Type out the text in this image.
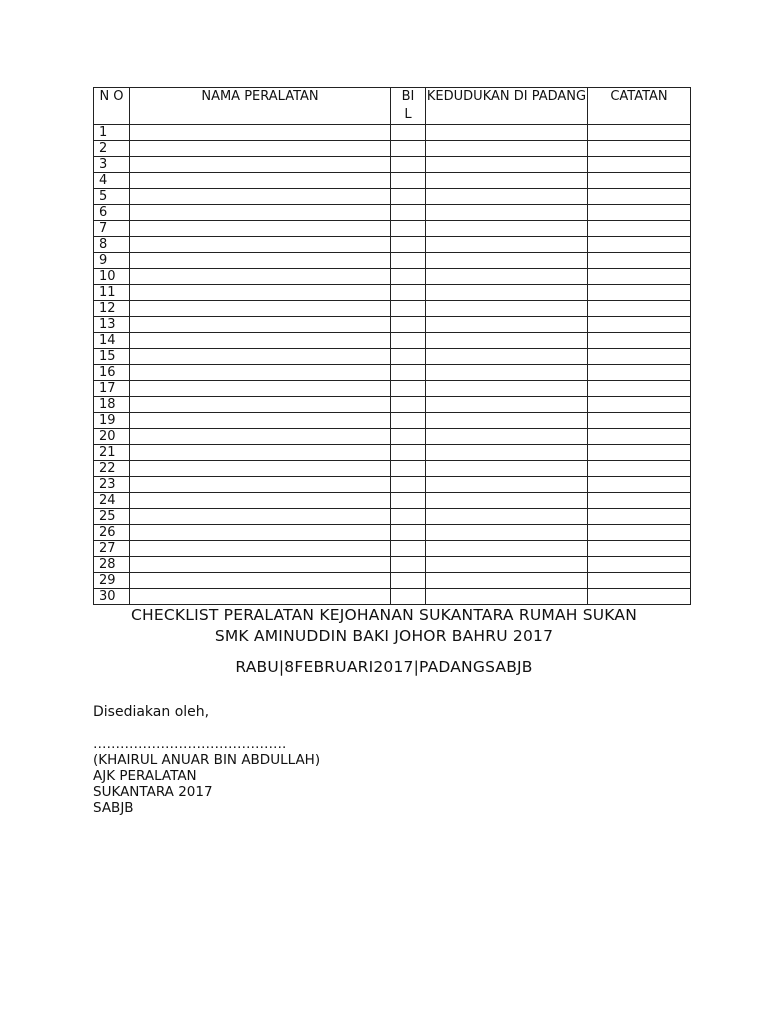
N O	NAMA PERALATAN	BI L	KEDUDUKAN DI PADANG	CATATAN
1				
2				
3				
4				
5				
6				
7				
8				
9				
10				
11				
12				
13				
14				
15				
16				
17				
18				
19				
20				
21				
22				
23				
24				
25				
26				
27				
28				
29				
30				
CHECKLIST PERALATAN KEJOHANAN SUKANTARA RUMAH SUKAN
SMK AMINUDDIN BAKI JOHOR BAHRU 2017
RABU|8FEBRUARI2017|PADANGSABJB
Disediakan oleh,
…………………………………….
(KHAIRUL ANUAR BIN ABDULLAH)
AJK PERALATAN
SUKANTARA 2017
SABJB
